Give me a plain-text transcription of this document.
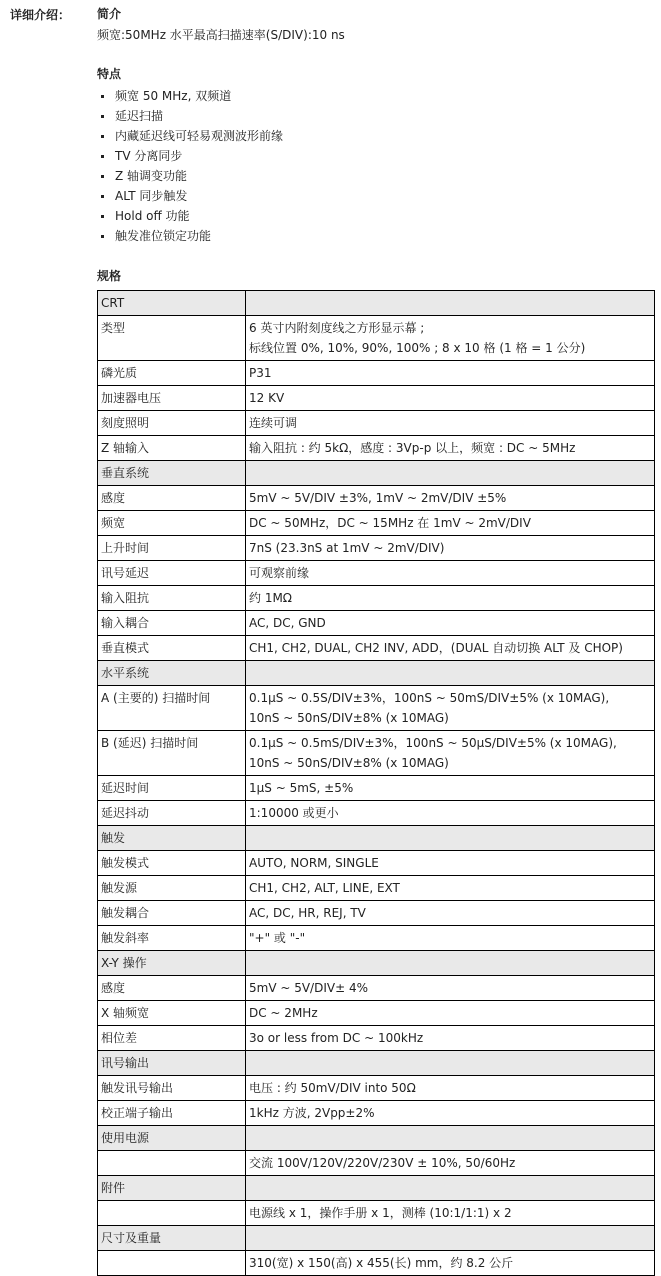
详细介绍： 简介

频宽:50MHz 水平最高扫描速率(S/DIV):10 ns

特点

频宽 50 MHz, 双频道
延迟扫描
内藏延迟线可轻易观测波形前缘
TV 分离同步
Z 轴调变功能
ALT 同步触发
Hold off 功能
触发准位锁定功能

规格

CRT	
类型	6 英寸内附刻度线之方形显示幕 ;
标线位置 0%, 10%, 90%, 100% ; 8 x 10 格 (1 格 = 1 公分)

磷光质	P31

加速器电压	12 KV

刻度照明	连续可调

Z 轴输入	输入阻抗 : 约 5kΩ，感度 : 3Vp-p 以上，频宽 : DC ~ 5MHz

垂直系统	
感度	5mV ~ 5V/DIV ±3%, 1mV ~ 2mV/DIV ±5%

频宽	DC ~ 50MHz，DC ~ 15MHz 在 1mV ~ 2mV/DIV

上升时间	7nS (23.3nS at 1mV ~ 2mV/DIV)

讯号延迟	可观察前缘

输入阻抗	约 1MΩ

输入耦合	AC, DC, GND

垂直模式	CH1, CH2, DUAL, CH2 INV, ADD，(DUAL 自动切换 ALT 及 CHOP)

水平系统	
A (主要的) 扫描时间	0.1μS ~ 0.5S/DIV±3%，100nS ~ 50mS/DIV±5% (x 10MAG),
10nS ~ 50nS/DIV±8% (x 10MAG)

B (延迟) 扫描时间	0.1μS ~ 0.5mS/DIV±3%，100nS ~ 50μS/DIV±5% (x 10MAG),
10nS ~ 50nS/DIV±8% (x 10MAG)

延迟时间	1μS ~ 5mS, ±5%

延迟抖动	1:10000 或更小

触发	
触发模式	AUTO, NORM, SINGLE

触发源	CH1, CH2, ALT, LINE, EXT

触发耦合	AC, DC, HR, REJ, TV

触发斜率	"+" 或 "-"

X-Y 操作	
感度	5mV ~ 5V/DIV± 4%

X 轴频宽	DC ~ 2MHz

相位差	3o or less from DC ~ 100kHz

讯号输出	
触发讯号输出	电压 : 约 50mV/DIV into 50Ω

校正端子输出	1kHz 方波, 2Vpp±2%

使用电源	

	交流 100V/120V/220V/230V ± 10%, 50/60Hz

附件	

	电源线 x 1，操作手册 x 1，测棒 (10:1/1:1) x 2

尺寸及重量	

	310(宽) x 150(高) x 455(长) mm，约 8.2 公斤
